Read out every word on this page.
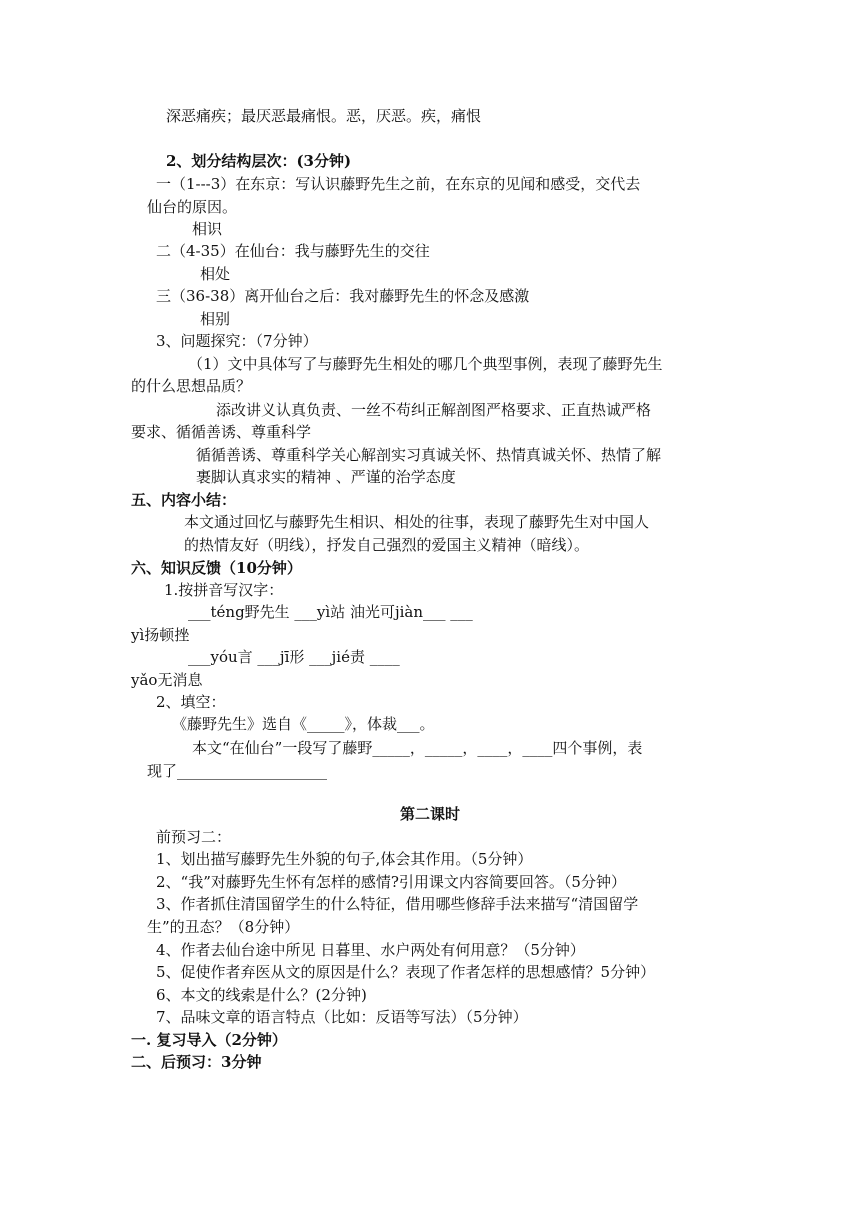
深恶痛疾；最厌恶最痛恨。恶，厌恶。疾，痛恨
2、划分结构层次：(3分钟)
一（1---3）在东京：写认识藤野先生之前，在东京的见闻和感受，交代去
仙台的原因。
相识
二（4-35）在仙台：我与藤野先生的交往
相处
三（36-38）离开仙台之后：我对藤野先生的怀念及感激
相别
3、问题探究：（7分钟）
（1）文中具体写了与藤野先生相处的哪几个典型事例，表现了藤野先生
的什么思想品质？
添改讲义认真负责、一丝不苟纠正解剖图严格要求、正直热诚严格
要求、循循善诱、尊重科学
循循善诱、尊重科学关心解剖实习真诚关怀、热情真诚关怀、热情了解
裹脚认真求实的精神 、严谨的治学态度
五、内容小结：
本文通过回忆与藤野先生相识、相处的往事，表现了藤野先生对中国人
的热情友好（明线），抒发自己强烈的爱国主义精神（暗线）。
六、知识反馈（10分钟）
1.按拼音写汉字：
___téng野先生 ___yì站 油光可jiàn___ ___
yì扬顿挫
___yóu言 ___jī形 ___jié责 ____
yǎo无消息
2、填空：
《藤野先生》选自《_____》，体裁___。
本文“在仙台”一段写了藤野_____，_____，____，____四个事例，表
现了____________________
第二课时
前预习二：
1、划出描写藤野先生外貌的句子,体会其作用。（5分钟）
2、“我”对藤野先生怀有怎样的感情?引用课文内容简要回答。（5分钟）
3、作者抓住清国留学生的什么特征，借用哪些修辞手法来描写“清国留学
生”的丑态？（8分钟）
4、作者去仙台途中所见 日暮里、水户两处有何用意？（5分钟）
5、促使作者弃医从文的原因是什么？表现了作者怎样的思想感情？5分钟）
6、本文的线索是什么？(2分钟)
7、品味文章的语言特点（比如：反语等写法）（5分钟）
一. 复习导入（2分钟）
二、后预习：3分钟
